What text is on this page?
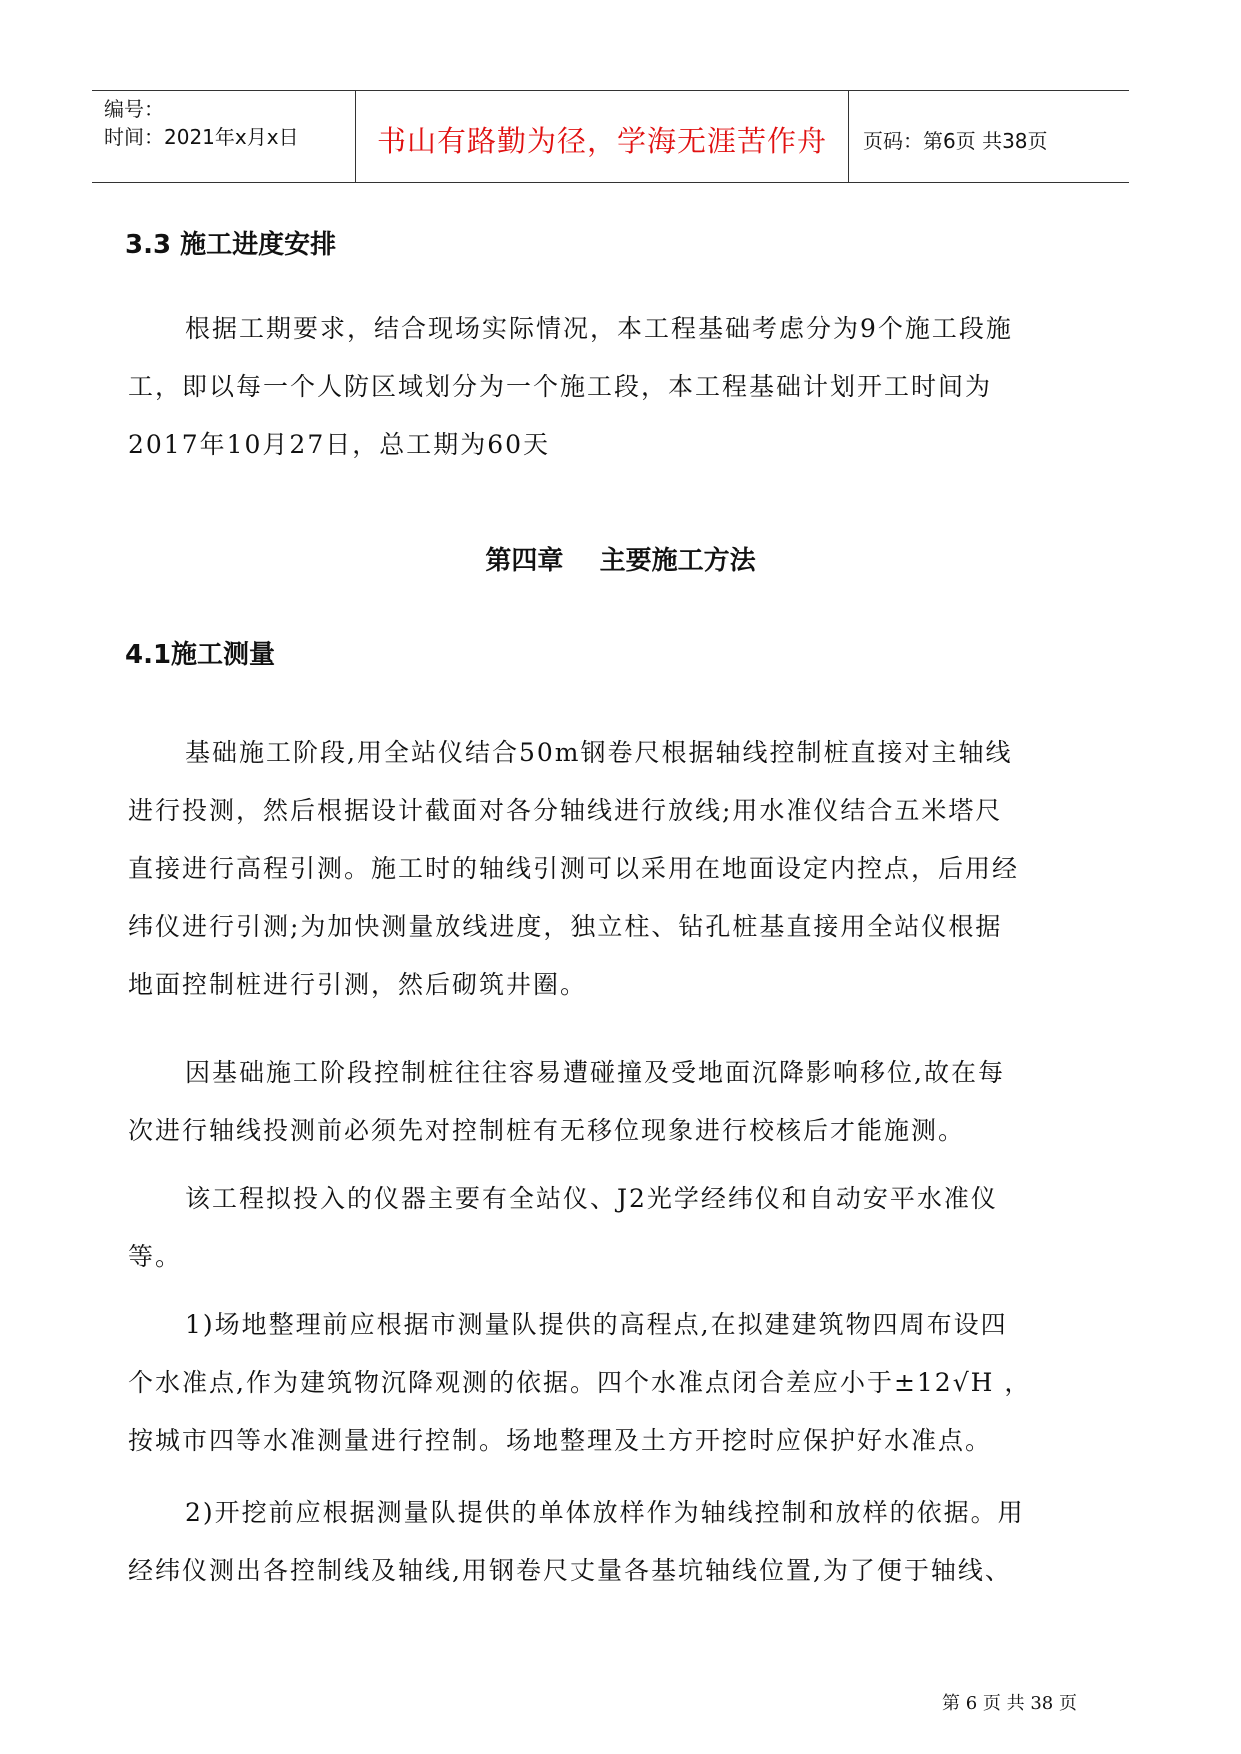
编号：
时间：2021年x月x日	书山有路勤为径，学海无涯苦作舟 页码：第6页 共38页
3.3 施工进度安排
根据工期要求，结合现场实际情况，本工程基础考虑分为9个施工段施
工，即以每一个人防区域划分为一个施工段，本工程基础计划开工时间为
2017年10月27日，总工期为60天
第四章    主要施工方法
4.1施工测量
基础施工阶段,用全站仪结合50m钢卷尺根据轴线控制桩直接对主轴线
进行投测，然后根据设计截面对各分轴线进行放线;用水准仪结合五米塔尺
直接进行高程引测。施工时的轴线引测可以采用在地面设定内控点，后用经
纬仪进行引测;为加快测量放线进度，独立柱、钻孔桩基直接用全站仪根据
地面控制桩进行引测，然后砌筑井圈。
因基础施工阶段控制桩往往容易遭碰撞及受地面沉降影响移位,故在每
次进行轴线投测前必须先对控制桩有无移位现象进行校核后才能施测。
该工程拟投入的仪器主要有全站仪、J2光学经纬仪和自动安平水准仪
等。
1)场地整理前应根据市测量队提供的高程点,在拟建建筑物四周布设四
个水准点,作为建筑物沉降观测的依据。四个水准点闭合差应小于±12√H ，
按城市四等水准测量进行控制。场地整理及土方开挖时应保护好水准点。
2)开挖前应根据测量队提供的单体放样作为轴线控制和放样的依据。用
经纬仪测出各控制线及轴线,用钢卷尺丈量各基坑轴线位置,为了便于轴线、
第 6 页 共 38 页
